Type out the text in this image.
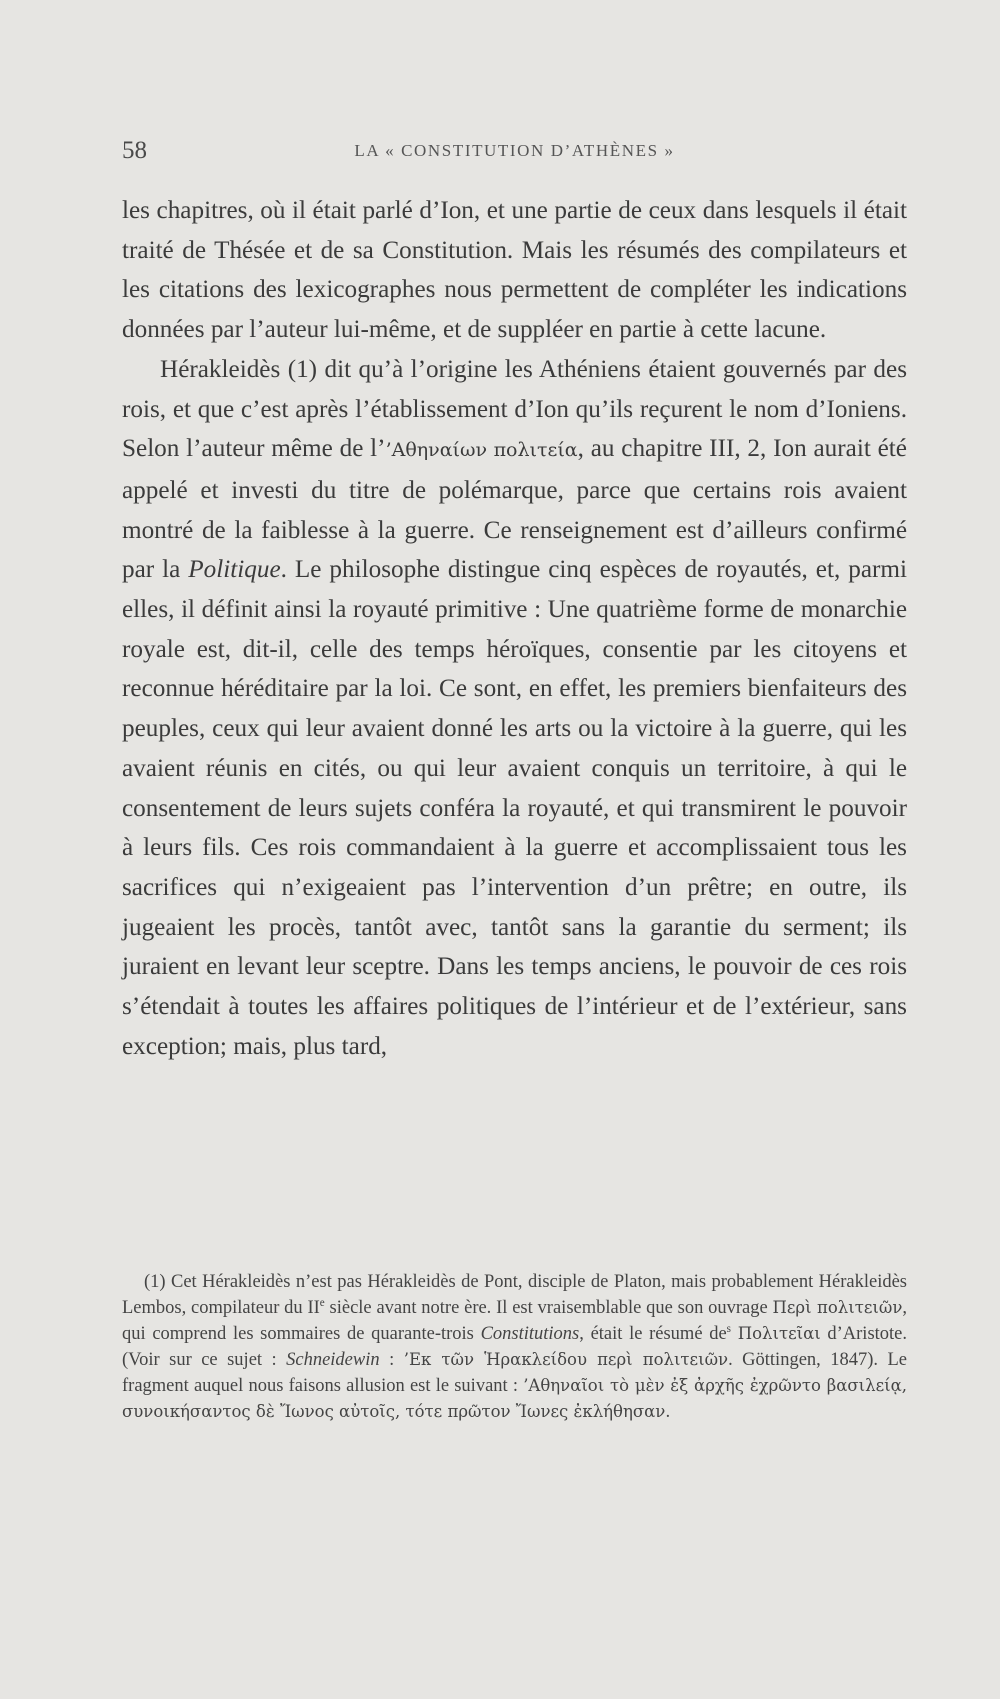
58	LA « CONSTITUTION D’ATHÈNES »

les chapitres, où il était parlé d’Ion, et une partie de ceux dans lesquels il était traité de Thésée et de sa Constitution. Mais les résumés des compilateurs et les citations des lexicographes nous permettent de compléter les indications données par l’auteur lui-même, et de suppléer en partie à cette lacune.

Hérakleidès (1) dit qu’à l’origine les Athéniens étaient gouvernés par des rois, et que c’est après l’établissement d’Ion qu’ils reçurent le nom d’Ioniens. Selon l’auteur même de l’’Αθηναίων πολιτεία, au chapitre III, 2, Ion aurait été appelé et investi du titre de polémarque, parce que certains rois avaient montré de la faiblesse à la guerre. Ce renseignement est d’ailleurs confirmé par la Politique. Le philosophe distingue cinq espèces de royautés, et, parmi elles, il définit ainsi la royauté primitive : Une quatrième forme de monarchie royale est, dit-il, celle des temps héroïques, consentie par les citoyens et reconnue héréditaire par la loi. Ce sont, en effet, les premiers bienfaiteurs des peuples, ceux qui leur avaient donné les arts ou la victoire à la guerre, qui les avaient réunis en cités, ou qui leur avaient conquis un territoire, à qui le consentement de leurs sujets conféra la royauté, et qui transmirent le pouvoir à leurs fils. Ces rois commandaient à la guerre et accomplissaient tous les sacrifices qui n’exigeaient pas l’intervention d’un prêtre; en outre, ils jugeaient les procès, tantôt avec, tantôt sans la garantie du serment; ils juraient en levant leur sceptre. Dans les temps anciens, le pouvoir de ces rois s’étendait à toutes les affaires politiques de l’intérieur et de l’extérieur, sans exception; mais, plus tard,

(1) Cet Hérakleidès n’est pas Hérakleidès de Pont, disciple de Platon, mais probablement Hérakleidès Lembos, compilateur du IIe siècle avant notre ère. Il est vraisemblable que son ouvrage Περὶ πολιτειῶν, qui comprend les sommaires de quarante-trois Constitutions, était le résumé $de^s$ Πολιτεῖαι d’Aristote. (Voir sur ce sujet : Schneidewin : ’Εκ τῶν Ἡρακλείδου περὶ πολιτειῶν. Göttingen, 1847). Le fragment auquel nous faisons allusion est le suivant : ’Αθηναῖοι τὸ μὲν ἐξ ἀρχῆς ἐχρῶντο βασιλείᾳ, συνοικήσαντος δὲ Ἴωνος αὐτοῖς, τότε πρῶτον Ἴωνες ἐκλήθησαν.
